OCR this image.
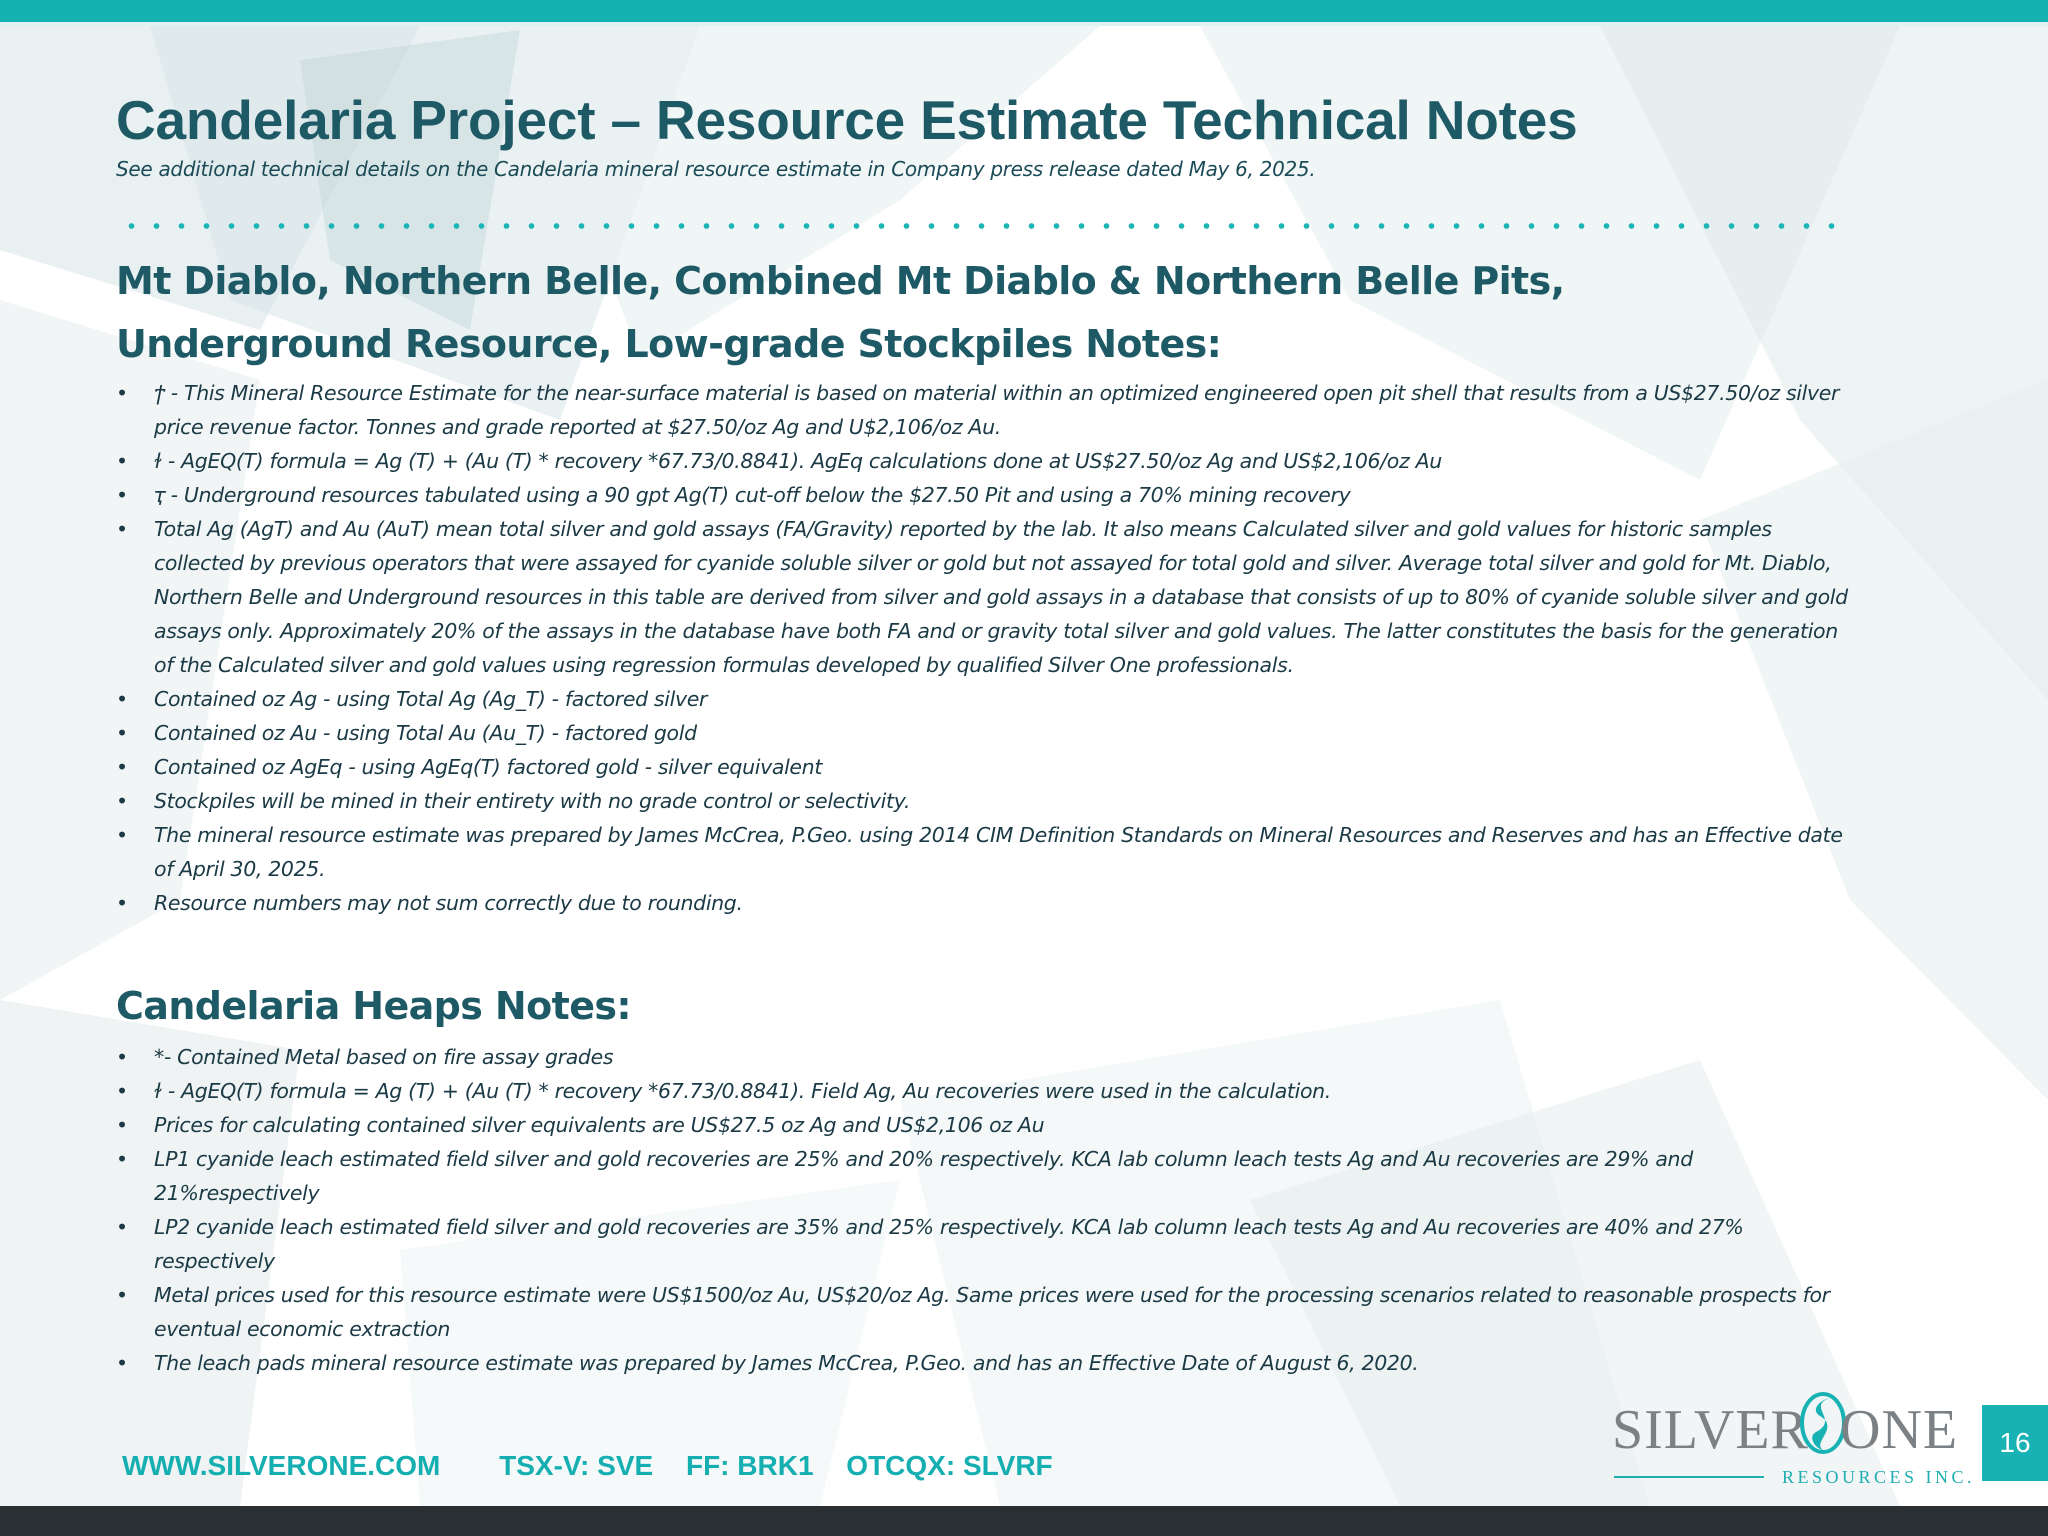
Candelaria Project – Resource Estimate Technical Notes
See additional technical details on the Candelaria mineral resource estimate in Company press release dated May 6, 2025.
Mt Diablo, Northern Belle, Combined Mt Diablo & Northern Belle Pits,
Underground Resource, Low-grade Stockpiles Notes:
• ϯ - This Mineral Resource Estimate for the near-surface material is based on material within an optimized engineered open pit shell that results from a US$27.50/oz silver price revenue factor. Tonnes and grade reported at $27.50/oz Ag and U$2,106/oz Au.
• ɫ - AgEQ(T) formula = Ag (T) + (Au (T) * recovery *67.73/0.8841). AgEq calculations done at US$27.50/oz Ag and US$2,106/oz Au
• ҭ - Underground resources tabulated using a 90 gpt Ag(T) cut-off below the $27.50 Pit and using a 70% mining recovery
• Total Ag (AgT) and Au (AuT) mean total silver and gold assays (FA/Gravity) reported by the lab. It also means Calculated silver and gold values for historic samples collected by previous operators that were assayed for cyanide soluble silver or gold but not assayed for total gold and silver. Average total silver and gold for Mt. Diablo, Northern Belle and Underground resources in this table are derived from silver and gold assays in a database that consists of up to 80% of cyanide soluble silver and gold assays only. Approximately 20% of the assays in the database have both FA and or gravity total silver and gold values. The latter constitutes the basis for the generation of the Calculated silver and gold values using regression formulas developed by qualified Silver One professionals.
• Contained oz Ag - using Total Ag (Ag_T) - factored silver
• Contained oz Au - using Total Au (Au_T) - factored gold
• Contained oz AgEq - using AgEq(T) factored gold - silver equivalent
• Stockpiles will be mined in their entirety with no grade control or selectivity.
• The mineral resource estimate was prepared by James McCrea, P.Geo. using 2014 CIM Definition Standards on Mineral Resources and Reserves and has an Effective date of April 30, 2025.
• Resource numbers may not sum correctly due to rounding.
Candelaria Heaps Notes:
• *- Contained Metal based on fire assay grades
• ɫ - AgEQ(T) formula = Ag (T) + (Au (T) * recovery *67.73/0.8841). Field Ag, Au recoveries were used in the calculation.
• Prices for calculating contained silver equivalents are US$27.5 oz Ag and US$2,106 oz Au
• LP1 cyanide leach estimated field silver and gold recoveries are 25% and 20% respectively. KCA lab column leach tests Ag and Au recoveries are 29% and 21%respectively
• LP2 cyanide leach estimated field silver and gold recoveries are 35% and 25% respectively. KCA lab column leach tests Ag and Au recoveries are 40% and 27% respectively
• Metal prices used for this resource estimate were US$1500/oz Au, US$20/oz Ag. Same prices were used for the processing scenarios related to reasonable prospects for eventual economic extraction
• The leach pads mineral resource estimate was prepared by James McCrea, P.Geo. and has an Effective Date of August 6, 2020.
WWW.SILVERONE.COM TSX-V: SVE FF: BRK1 OTCQX: SLVRF
SILVER ONE
RESOURCES INC.
16
